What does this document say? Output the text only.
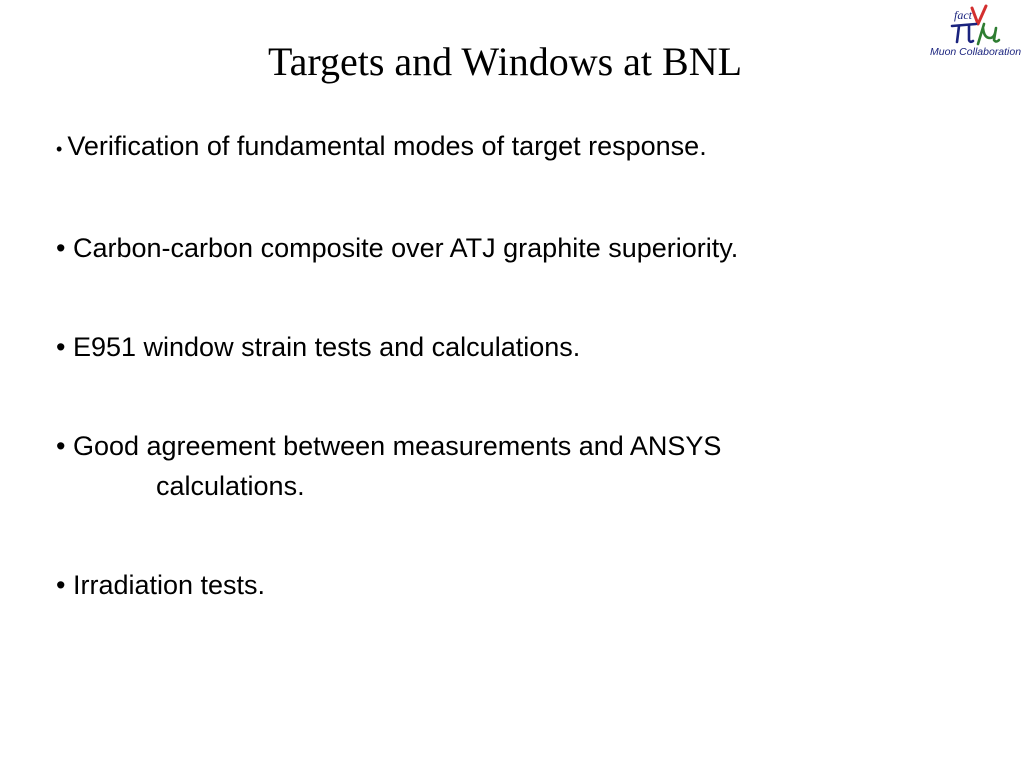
Targets and Windows at BNL
fact
Muon Collaboration
• Verification of fundamental modes of target response.
• Carbon-carbon composite over ATJ graphite superiority.
• E951 window strain tests and calculations.
• Good agreement between measurements and ANSYS
calculations.
• Irradiation tests.
